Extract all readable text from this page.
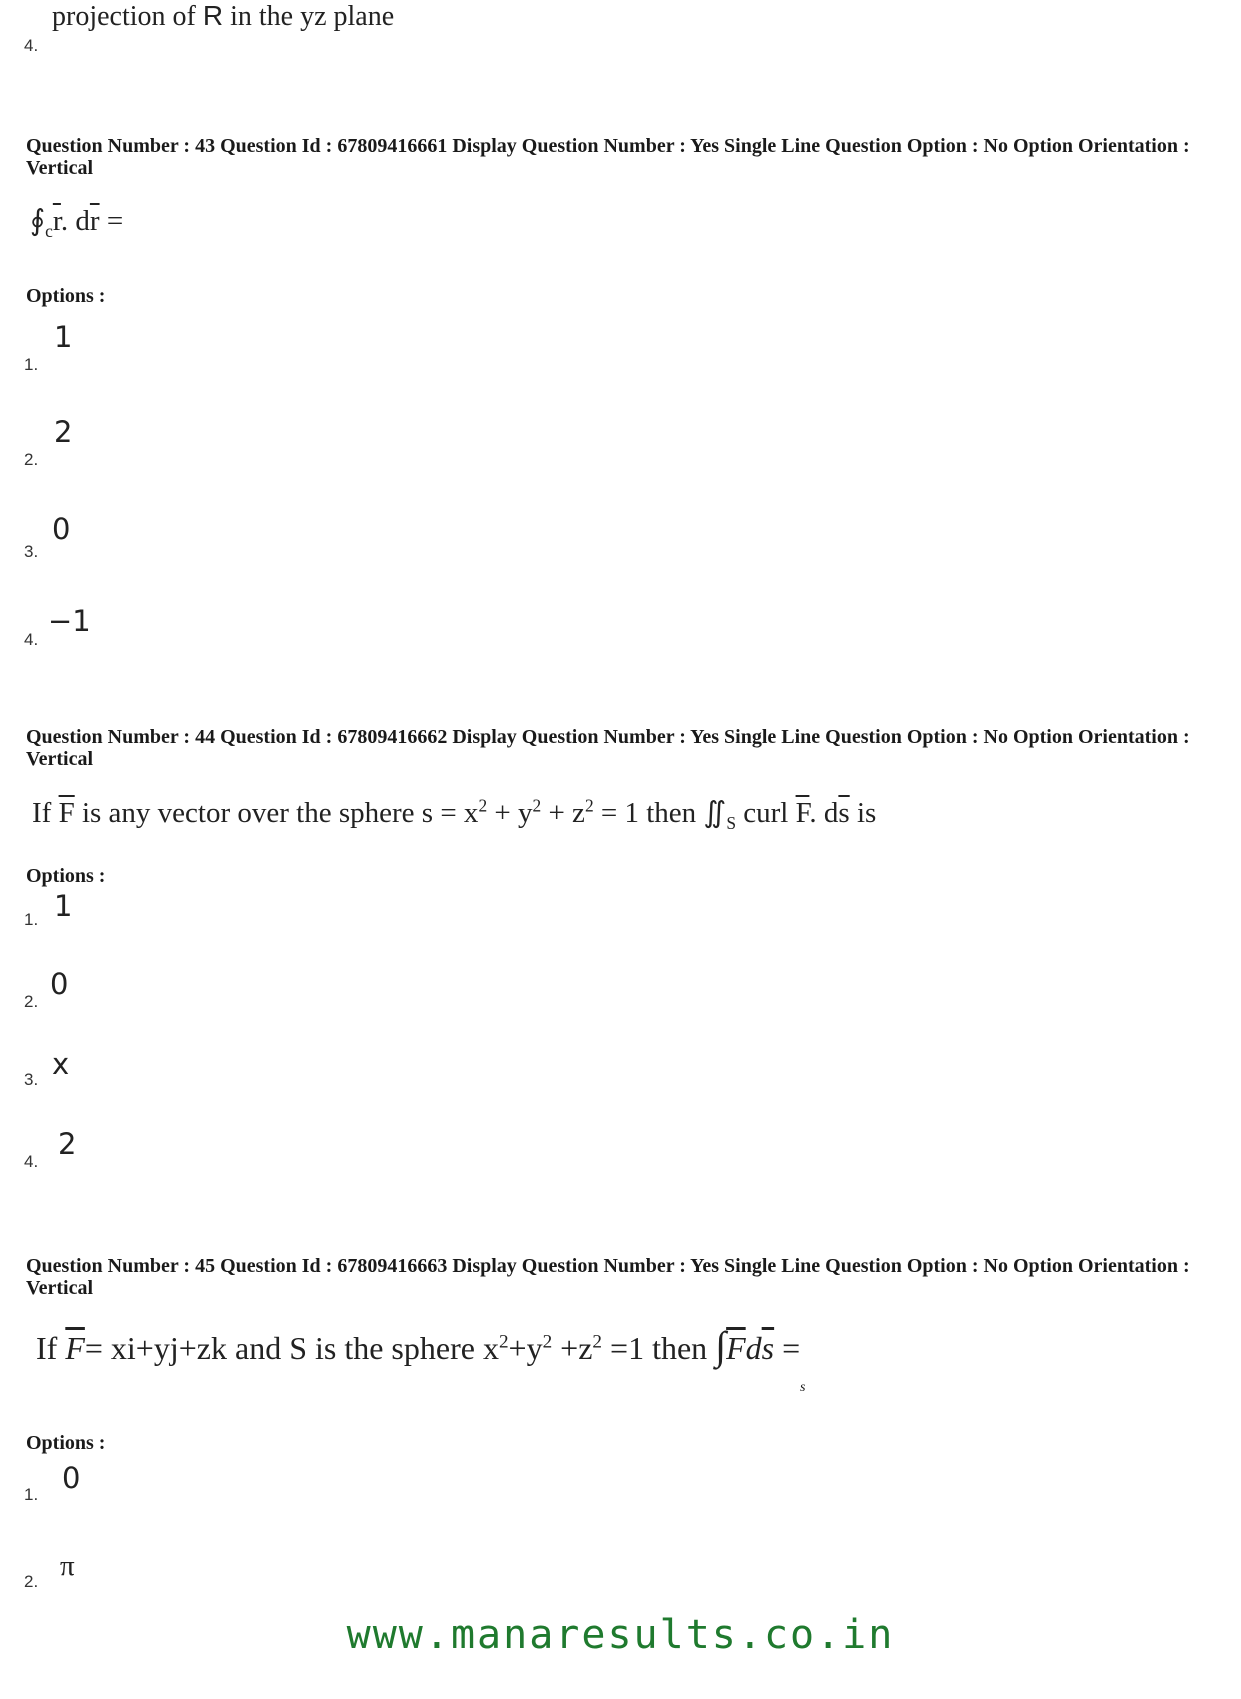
projection of R in the yz plane
4.
Question Number : 43 Question Id : 67809416661 Display Question Number : Yes Single Line Question Option : No Option Orientation : Vertical
$∮_c\overline{r}$. $d\overline{r}$ =
Options :
1.
1
2.
2
3.
0
4.
−1
Question Number : 44 Question Id : 67809416662 Display Question Number : Yes Single Line Question Option : No Option Orientation : Vertical
If $\overline{F}$ is any vector over the sphere $s = x^2 + y^2 + z^2 = 1$ then $∬_S$ curl $\overline{F}$. $d\overline{s}$ is
Options :
1. 1
2.
0
3. x
4.
2
Question Number : 45 Question Id : 67809416663 Display Question Number : Yes Single Line Question Option : No Option Orientation : Vertical
If $\overline{F}= xi+yj+zk$ and S is the sphere $x^2+y^2 +z^2 =1$ then $\int\overline{F}d\overline{s}$ =
s
Options :
1. 0
2. π
www.manaresults.co.in
